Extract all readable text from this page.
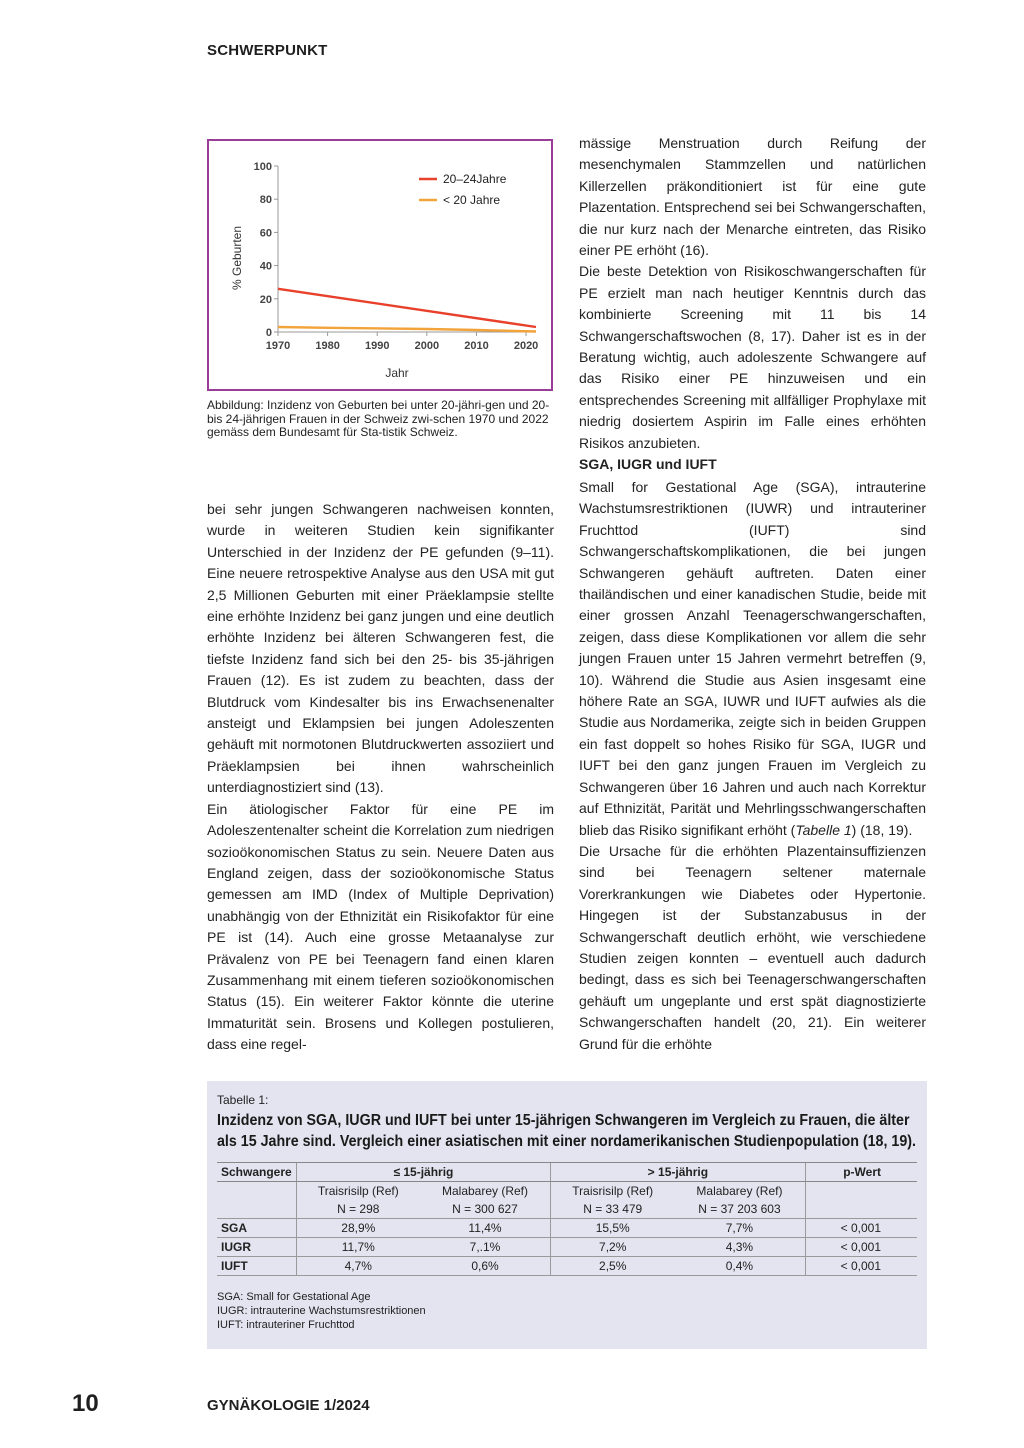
SCHWERPUNKT
0
20
40
60
80
100
1970 1980 1990 2000 2010 2020
20–24Jahre
< 20 Jahre
% Geburten
Jahr
Abbildung: Inzidenz von Geburten bei unter 20-jähri-gen und 20- bis 24-jährigen Frauen in der Schweiz zwi-schen 1970 und 2022 gemäss dem Bundesamt für Sta-tistik Schweiz.

bei sehr jungen Schwangeren nachweisen konnten, wurde in weiteren Studien kein signifikanter Unterschied in der Inzidenz der PE gefunden (9–11). Eine neuere retrospektive Analyse aus den USA mit gut 2,5 Millionen Geburten mit einer Präeklampsie stellte eine erhöhte Inzidenz bei ganz jungen und eine deutlich erhöhte Inzidenz bei älteren Schwangeren fest, die tiefste Inzidenz fand sich bei den 25- bis 35-jährigen Frauen (12). Es ist zudem zu beachten, dass der Blutdruck vom Kindesalter bis ins Erwachsenenalter ansteigt und Eklampsien bei jungen Adoleszenten gehäuft mit normotonen Blutdruckwerten assoziiert und Präeklampsien bei ihnen wahrscheinlich unterdiagnostiziert sind (13).

Ein ätiologischer Faktor für eine PE im Adoleszentenalter scheint die Korrelation zum niedrigen sozioökonomischen Status zu sein. Neuere Daten aus England zeigen, dass der sozioökonomische Status gemessen am IMD (Index of Multiple Deprivation) unabhängig von der Ethnizität ein Risikofaktor für eine PE ist (14). Auch eine grosse Metaanalyse zur Prävalenz von PE bei Teenagern fand einen klaren Zusammenhang mit einem tieferen sozioökonomischen Status (15). Ein weiterer Faktor könnte die uterine Immaturität sein. Brosens und Kollegen postulieren, dass eine regel-

mässige Menstruation durch Reifung der mesenchymalen Stammzellen und natürlichen Killerzellen präkonditioniert ist für eine gute Plazentation. Entsprechend sei bei Schwangerschaften, die nur kurz nach der Menarche eintreten, das Risiko einer PE erhöht (16).

Die beste Detektion von Risikoschwangerschaften für PE erzielt man nach heutiger Kenntnis durch das kombinierte Screening mit 11 bis 14 Schwangerschaftswochen (8, 17). Daher ist es in der Beratung wichtig, auch adoleszente Schwangere auf das Risiko einer PE hinzuweisen und ein entsprechendes Screening mit allfälliger Prophylaxe mit niedrig dosiertem Aspirin im Falle eines erhöhten Risikos anzubieten.

SGA, IUGR und IUFT

Small for Gestational Age (SGA), intrauterine Wachstumsrestriktionen (IUWR) und intrauteriner Fruchttod (IUFT) sind Schwangerschaftskomplikationen, die bei jungen Schwangeren gehäuft auftreten. Daten einer thailändischen und einer kanadischen Studie, beide mit einer grossen Anzahl Teenagerschwangerschaften, zeigen, dass diese Komplikationen vor allem die sehr jungen Frauen unter 15 Jahren vermehrt betreffen (9, 10). Während die Studie aus Asien insgesamt eine höhere Rate an SGA, IUWR und IUFT aufwies als die Studie aus Nordamerika, zeigte sich in beiden Gruppen ein fast doppelt so hohes Risiko für SGA, IUGR und IUFT bei den ganz jungen Frauen im Vergleich zu Schwangeren über 16 Jahren und auch nach Korrektur auf Ethnizität, Parität und Mehrlingsschwangerschaften blieb das Risiko signifikant erhöht (Tabelle 1) (18, 19).

Die Ursache für die erhöhten Plazentainsuffizienzen sind bei Teenagern seltener maternale Vorerkrankungen wie Diabetes oder Hypertonie. Hingegen ist der Substanzabusus in der Schwangerschaft deutlich erhöht, wie verschiedene Studien zeigen konnten – eventuell auch dadurch bedingt, dass es sich bei Teenagerschwangerschaften gehäuft um ungeplante und erst spät diagnostizierte Schwangerschaften handelt (20, 21). Ein weiterer Grund für die erhöhte

Tabelle 1:
Inzidenz von SGA, IUGR und IUFT bei unter 15-jährigen Schwangeren im Vergleich zu Frauen, die älter als 15 Jahre sind. Vergleich einer asiatischen mit einer nordamerikanischen Studienpopulation (18, 19).
Schwangere	≤ 15-jährig		> 15-jährig		p-Wert
	Traisrisilp (Ref)	Malabarey (Ref)	Traisrisilp (Ref)	Malabarey (Ref)	
	N = 298	N = 300 627	N = 33 479	N = 37 203 603	
SGA	28,9%	11,4%	15,5%	7,7%	< 0,001
IUGR	11,7%	7,.1%	7,2%	4,3%	< 0,001
IUFT	4,7%	0,6%	2,5%	0,4%	< 0,001
SGA: Small for Gestational Age
IUGR: intrauterine Wachstumsrestriktionen
IUFT: intrauteriner Fruchttod
10	GYNÄKOLOGIE 1/2024
